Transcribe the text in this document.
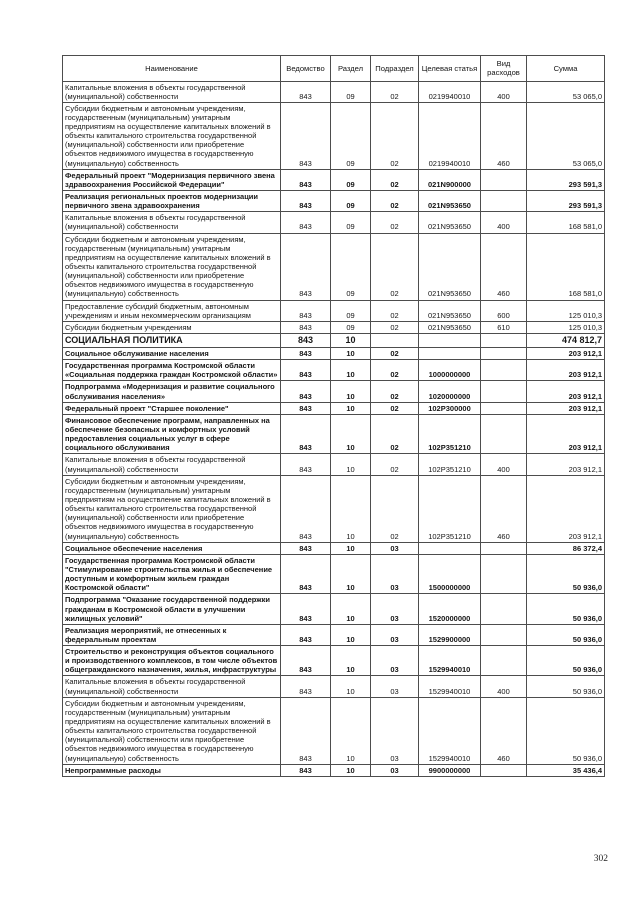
Наименование	Ведомство	Раздел	Подраздел	Целевая статья	Вид расходов	Сумма
Капитальные вложения в объекты государственной (муниципальной) собственности	843	09	02	0219940010	400	53 065,0
Субсидии бюджетным и автономным учреждениям, государственным (муниципальным) унитарным предприятиям на осуществление капитальных вложений в объекты капитального строительства государственной (муниципальной) собственности или приобретение объектов недвижимого имущества в государственную (муниципальную) собственность	843	09	02	0219940010	460	53 065,0
Федеральный проект "Модернизация первичного звена здравоохранения Российской Федерации"	843	09	02	021N900000		293 591,3
Реализация региональных проектов модернизации первичного звена здравоохранения	843	09	02	021N953650		293 591,3
Капитальные вложения в объекты государственной (муниципальной) собственности	843	09	02	021N953650	400	168 581,0
Субсидии бюджетным и автономным учреждениям, государственным (муниципальным) унитарным предприятиям на осуществление капитальных вложений в объекты капитального строительства государственной (муниципальной) собственности или приобретение объектов недвижимого имущества в государственную (муниципальную) собственность	843	09	02	021N953650	460	168 581,0
Предоставление субсидий бюджетным, автономным учреждениям и иным некоммерческим организациям	843	09	02	021N953650	600	125 010,3
Субсидии бюджетным учреждениям	843	09	02	021N953650	610	125 010,3
СОЦИАЛЬНАЯ ПОЛИТИКА	843	10				474 812,7
Социальное обслуживание населения	843	10	02			203 912,1
Государственная программа Костромской области «Социальная поддержка граждан Костромской области»	843	10	02	1000000000		203 912,1
Подпрограмма «Модернизация и развитие социального обслуживания населения»	843	10	02	1020000000		203 912,1
Федеральный проект "Старшее поколение"	843	10	02	102P300000		203 912,1
Финансовое обеспечение программ, направленных на обеспечение безопасных и комфортных условий предоставления социальных услуг в сфере социального обслуживания	843	10	02	102P351210		203 912,1
Капитальные вложения в объекты государственной (муниципальной) собственности	843	10	02	102P351210	400	203 912,1
Субсидии бюджетным и автономным учреждениям, государственным (муниципальным) унитарным предприятиям на осуществление капитальных вложений в объекты капитального строительства государственной (муниципальной) собственности или приобретение объектов недвижимого имущества в государственную (муниципальную) собственность	843	10	02	102P351210	460	203 912,1
Социальное обеспечение населения	843	10	03			86 372,4
Государственная программа Костромской области "Стимулирование строительства жилья и обеспечение доступным и комфортным жильем граждан Костромской области"	843	10	03	1500000000		50 936,0
Подпрограмма "Оказание государственной поддержки гражданам в Костромской области в улучшении жилищных условий"	843	10	03	1520000000		50 936,0
Реализация мероприятий, не отнесенных к федеральным проектам	843	10	03	1529900000		50 936,0
Строительство и реконструкция объектов социального и производственного комплексов, в том числе объектов общегражданского назначения, жилья, инфраструктуры	843	10	03	1529940010		50 936,0
Капитальные вложения в объекты государственной (муниципальной) собственности	843	10	03	1529940010	400	50 936,0
Субсидии бюджетным и автономным учреждениям, государственным (муниципальным) унитарным предприятиям на осуществление капитальных вложений в объекты капитального строительства государственной (муниципальной) собственности или приобретение объектов недвижимого имущества в государственную (муниципальную) собственность	843	10	03	1529940010	460	50 936,0
Непрограммные расходы	843	10	03	9900000000		35 436,4
302
